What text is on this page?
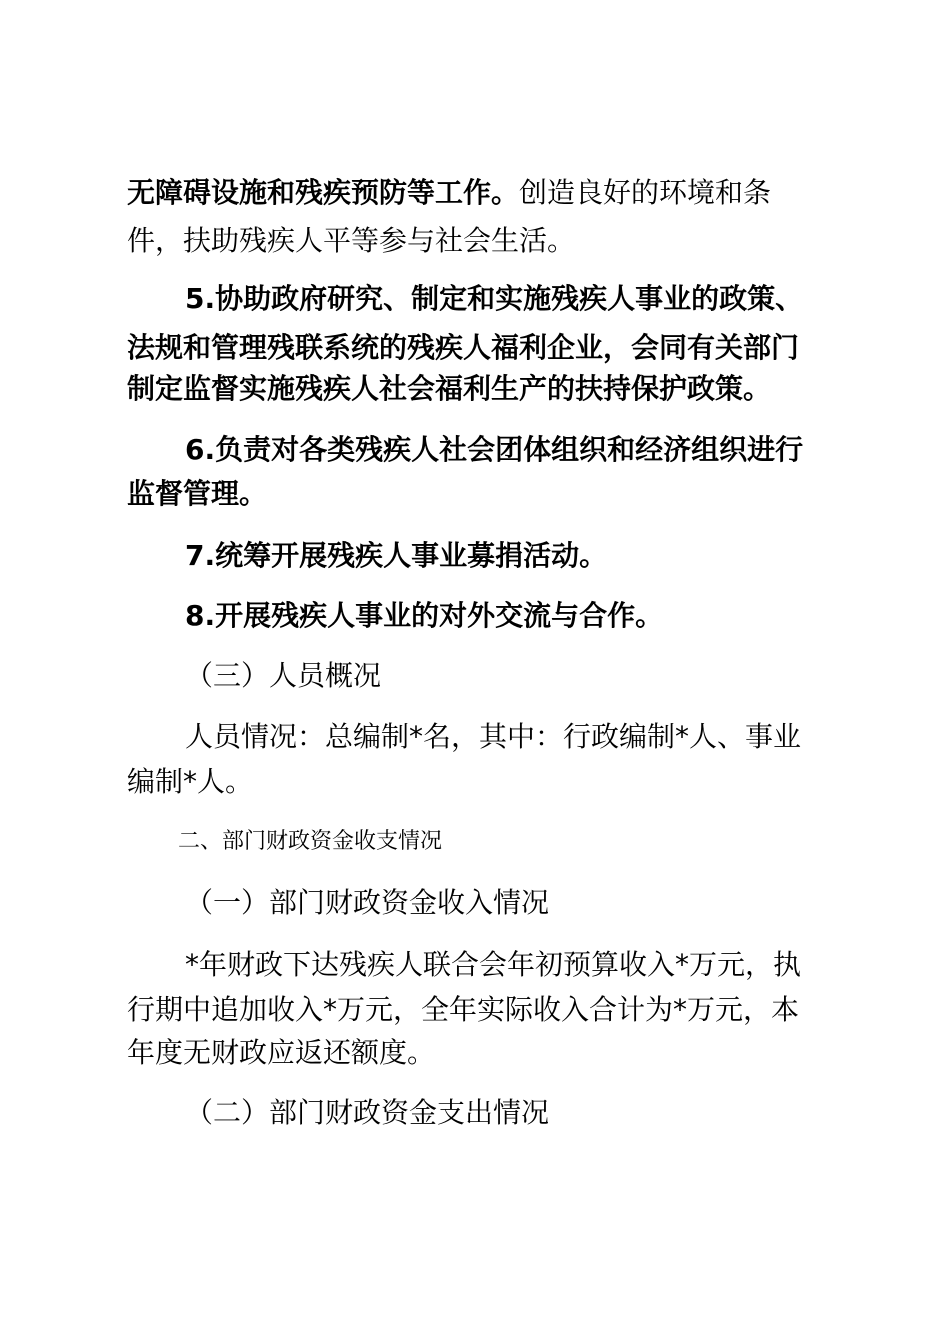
无障碍设施和残疾预防等工作。创造良好的环境和条
件，扶助残疾人平等参与社会生活。
5.协助政府研究、制定和实施残疾人事业的政策、
法规和管理残联系统的残疾人福利企业，会同有关部门
制定监督实施残疾人社会福利生产的扶持保护政策。
6.负责对各类残疾人社会团体组织和经济组织进行
监督管理。
7.统筹开展残疾人事业募捐活动。
8.开展残疾人事业的对外交流与合作。
（三）人员概况
人员情况：总编制*名，其中：行政编制*人、事业
编制*人。
二、部门财政资金收支情况
（一）部门财政资金收入情况
*年财政下达残疾人联合会年初预算收入*万元，执
行期中追加收入*万元，全年实际收入合计为*万元，本
年度无财政应返还额度。
（二）部门财政资金支出情况
